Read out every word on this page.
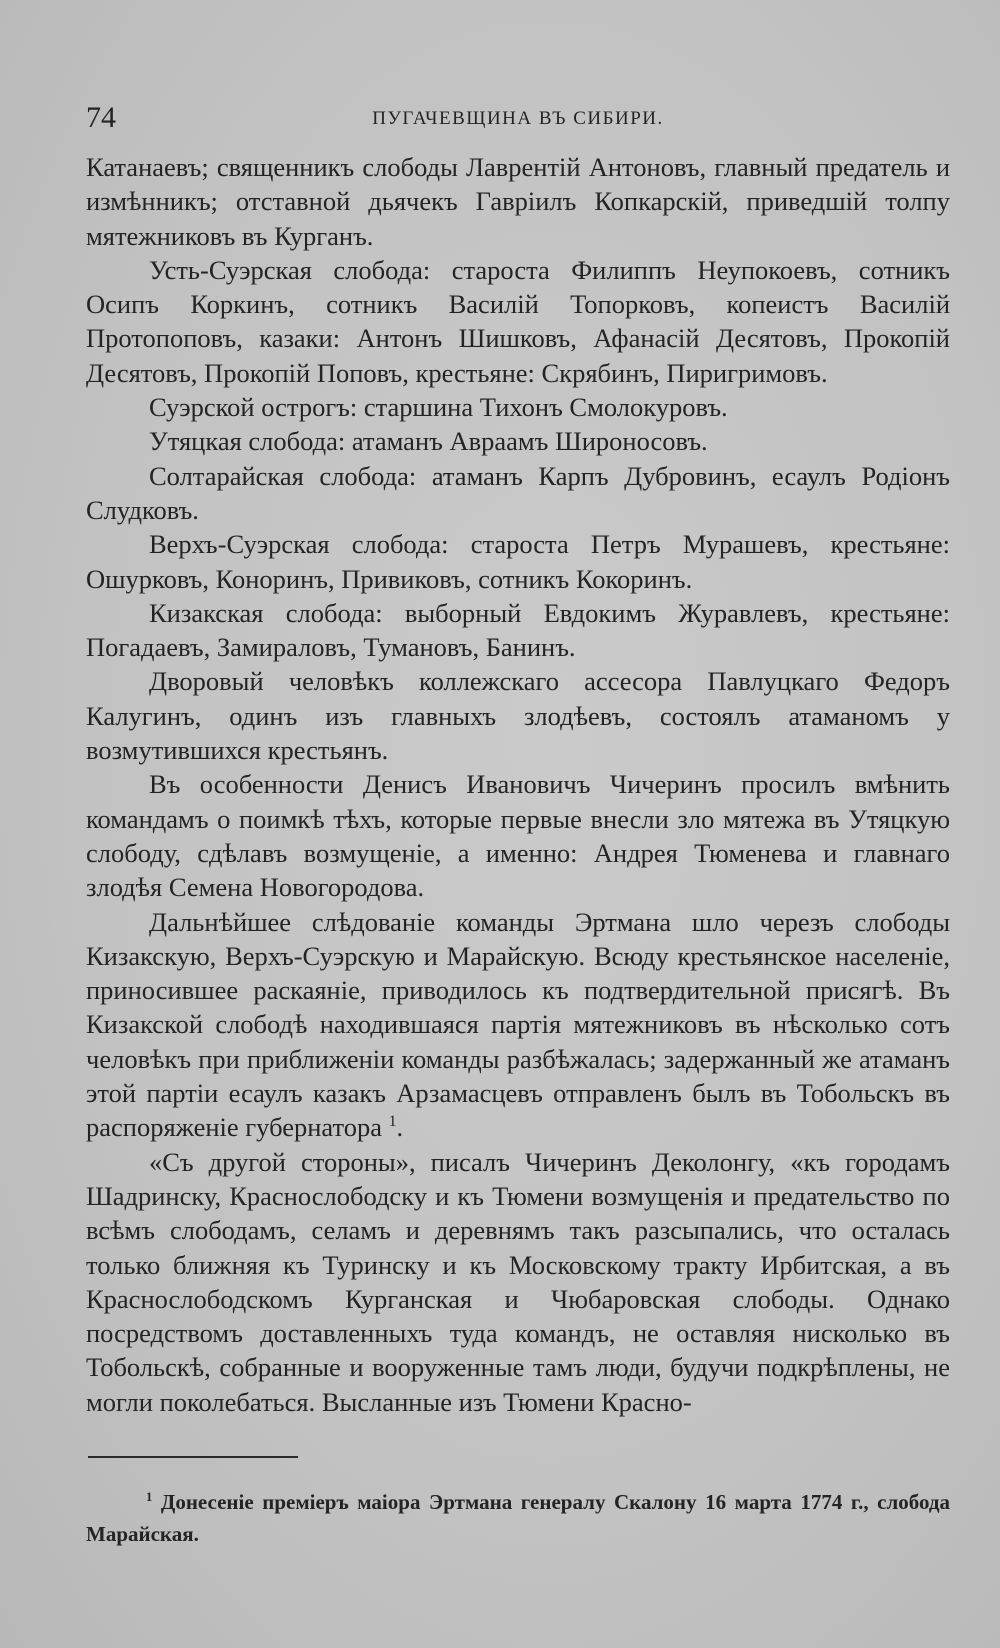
74	ПУГАЧЕВЩИНА ВЪ СИБИРИ.

Катанаевъ; священникъ слободы Лаврентій Антоновъ, главный предатель и измѣнникъ; отставной дьячекъ Гавріилъ Копкарскій, приведшій толпу мятежниковъ въ Курганъ.

Усть-Суэрская слобода: староста Филиппъ Неупокоевъ, сотникъ Осипъ Коркинъ, сотникъ Василій Топорковъ, копеистъ Василій Протопоповъ, казаки: Антонъ Шишковъ, Афанасій Десятовъ, Прокопій Десятовъ, Прокопій Поповъ, крестьяне: Скрябинъ, Пиригримовъ.

Суэрской острогъ: старшина Тихонъ Смолокуровъ.

Утяцкая слобода: атаманъ Авраамъ Широносовъ.

Солтарайская слобода: атаманъ Карпъ Дубровинъ, есаулъ Родіонъ Слудковъ.

Верхъ-Суэрская слобода: староста Петръ Мурашевъ, крестьяне: Ошурковъ, Коноринъ, Привиковъ, сотникъ Кокоринъ.

Кизакская слобода: выборный Евдокимъ Журавлевъ, крестьяне: Погадаевъ, Замираловъ, Тумановъ, Банинъ.

Дворовый человѣкъ коллежскаго ассесора Павлуцкаго Федоръ Калугинъ, одинъ изъ главныхъ злодѣевъ, состоялъ атаманомъ у возмутившихся крестьянъ.

Въ особенности Денисъ Ивановичъ Чичеринъ просилъ вмѣнить командамъ о поимкѣ тѣхъ, которые первые внесли зло мятежа въ Утяцкую слободу, сдѣлавъ возмущеніе, а именно: Андрея Тюменева и главнаго злодѣя Семена Новогородова.

Дальнѣйшее слѣдованіе команды Эртмана шло черезъ слободы Кизакскую, Верхъ-Суэрскую и Марайскую. Всюду крестьянское населеніе, приносившее раскаяніе, приводилось къ подтвердительной присягѣ. Въ Кизакской слободѣ находившаяся партія мятежниковъ въ нѣсколько сотъ человѣкъ при приближеніи команды разбѣжалась; задержанный же атаманъ этой партіи есаулъ казакъ Арзамасцевъ отправленъ былъ въ Тобольскъ въ распоряженіе губернатора $^1$.

«Съ другой стороны», писалъ Чичеринъ Деколонгу, «къ городамъ Шадринску, Краснослободску и къ Тюмени возмущенія и предательство по всѣмъ слободамъ, селамъ и деревнямъ такъ разсыпались, что осталась только ближняя къ Туринску и къ Московскому тракту Ирбитская, а въ Краснослободскомъ Курганская и Чюбаровская слободы. Однако посредствомъ доставленныхъ туда командъ, не оставляя нисколько въ Тобольскѣ, собранные и вооруженные тамъ люди, будучи подкрѣплены, не могли поколебаться. Высланные изъ Тюмени Красно-

$^1$ Донесеніе преміеръ маіора Эртмана генералу Скалону 16 марта 1774 г., слобода Марайская.
